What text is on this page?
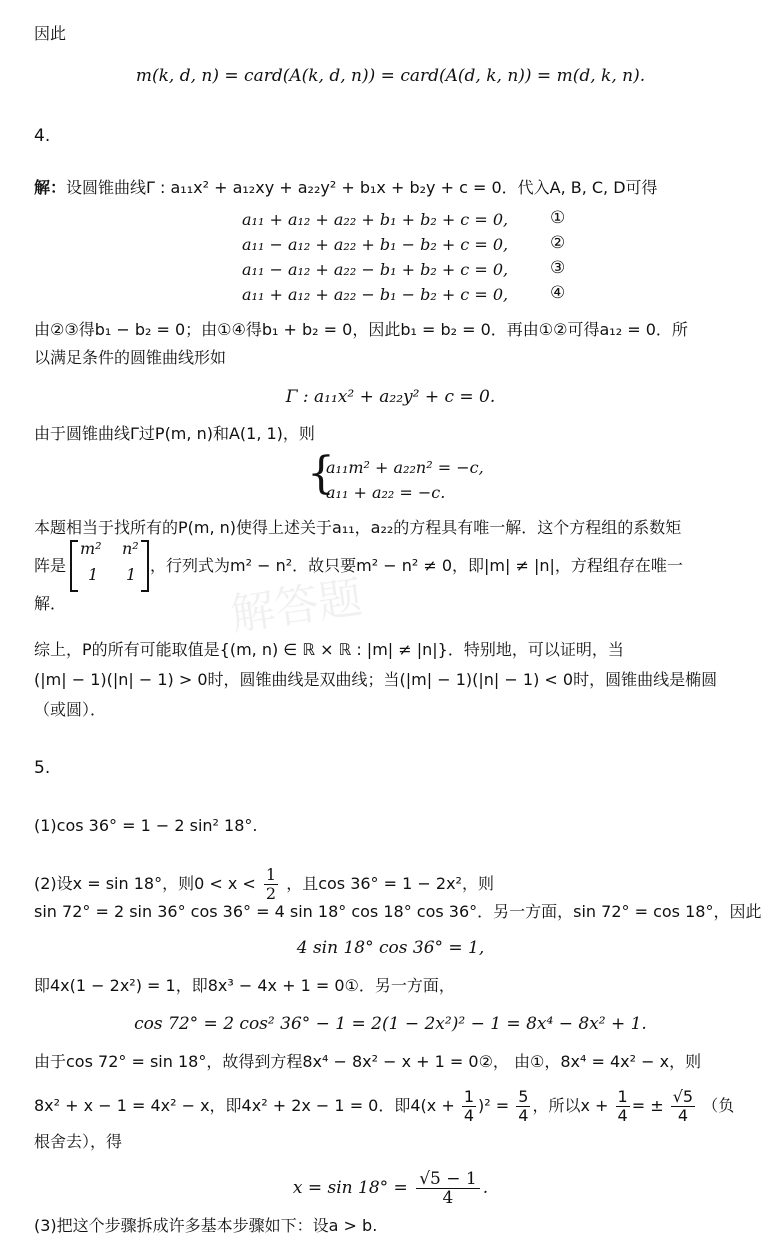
解答题
因此
m(k, d, n) = card(A(k, d, n)) = card(A(d, k, n)) = m(d, k, n).
4.
解：设圆锥曲线Γ : a₁₁x² + a₁₂xy + a₂₂y² + b₁x + b₂y + c = 0．代入A, B, C, D可得
a₁₁ + a₁₂ + a₂₂ + b₁ + b₂ + c = 0, ①
a₁₁ − a₁₂ + a₂₂ + b₁ − b₂ + c = 0, ②
a₁₁ − a₁₂ + a₂₂ − b₁ + b₂ + c = 0, ③
a₁₁ + a₁₂ + a₂₂ − b₁ − b₂ + c = 0, ④
由②③得b₁ − b₂ = 0；由①④得b₁ + b₂ = 0，因此b₁ = b₂ = 0．再由①②可得a₁₂ = 0．所
以满足条件的圆锥曲线形如
Γ : a₁₁x² + a₂₂y² + c = 0.
由于圆锥曲线Γ过P(m, n)和A(1, 1)，则
{
a₁₁m² + a₂₂n² = −c,
a₁₁ + a₂₂ = −c.
本题相当于找所有的P(m, n)使得上述关于a₁₁，a₂₂的方程具有唯一解．这个方程组的系数矩
阵是
m² n²
1 1 ，行列式为m² − n²．故只要m² − n² ≠ 0，即|m| ≠ |n|，方程组存在唯一
解．
综上，P的所有可能取值是{(m, n) ∈ ℝ × ℝ : |m| ≠ |n|}．特别地，可以证明，当
(|m| − 1)(|n| − 1) > 0时，圆锥曲线是双曲线；当(|m| − 1)(|n| − 1) < 0时，圆锥曲线是椭圆
（或圆）．
5.
(1)cos 36° = 1 − 2 sin² 18°.
(2)设x = sin 18°，则$0 < x < \frac{1}{2}$ ，且cos 36° = 1 − 2x²，则
sin 72° = 2 sin 36° cos 36° = 4 sin 18° cos 18° cos 36°．另一方面，sin 72° = cos 18°，因此
4 sin 18° cos 36° = 1,
即4x(1 − 2x²) = 1，即8x³ − 4x + 1 = 0①．另一方面，
cos 72° = 2 cos² 36° − 1 = 2(1 − 2x²)² − 1 = 8x⁴ − 8x² + 1.
由于cos 72° = sin 18°，故得到方程8x⁴ − 8x² − x + 1 = 0②， 由①，8x⁴ = 4x² − x，则
8x² + x − 1 = 4x² − x，即4x² + 2x − 1 = 0．即$4(x + \frac{1}{4} )^2 = \frac{5}{4}$ ，所以$x + \frac{1}{4}$ = ± $\frac{√5}{4}$ （负
根舍去），得
$x = \sin 18^\circ = \frac{√5 - 1}{4}$ .
(3)把这个步骤拆成许多基本步骤如下：设a > b.
